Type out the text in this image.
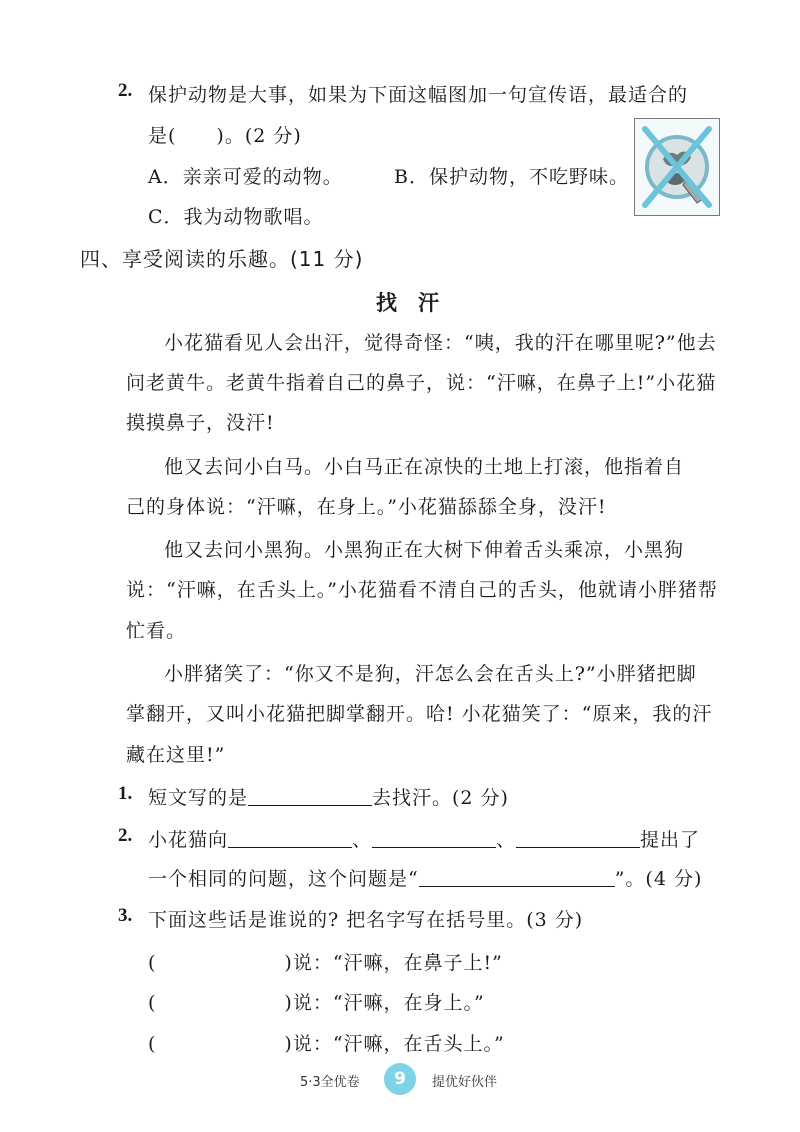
2. 保护动物是大事，如果为下面这幅图加一句宣传语，最适合的
是(　　)。(2 分)
A．亲亲可爱的动物。	B．保护动物，不吃野味。
C．我为动物歌唱。
四、享受阅读的乐趣。(11 分)
找　汗
小花猫看见人会出汗，觉得奇怪：“咦，我的汗在哪里呢?”他去
问老黄牛。老黄牛指着自己的鼻子，说：“汗嘛，在鼻子上!”小花猫
摸摸鼻子，没汗!
他又去问小白马。小白马正在凉快的土地上打滚，他指着自
己的身体说：“汗嘛，在身上。”小花猫舔舔全身，没汗!
他又去问小黑狗。小黑狗正在大树下伸着舌头乘凉，小黑狗
说：“汗嘛，在舌头上。”小花猫看不清自己的舌头，他就请小胖猪帮
忙看。
小胖猪笑了：“你又不是狗，汗怎么会在舌头上?”小胖猪把脚
掌翻开，又叫小花猫把脚掌翻开。哈! 小花猫笑了：“原来，我的汗
藏在这里!”
1. 短文写的是	去找汗。(2 分)
2. 小花猫向	、	、	提出了
一个相同的问题，这个问题是“	”。(4 分)
3. 下面这些话是谁说的? 把名字写在括号里。(3 分)
(	)说：“汗嘛，在鼻子上!”
(	)说：“汗嘛，在身上。”
(	)说：“汗嘛，在舌头上。”
5·3全优卷	9	提优好伙伴
